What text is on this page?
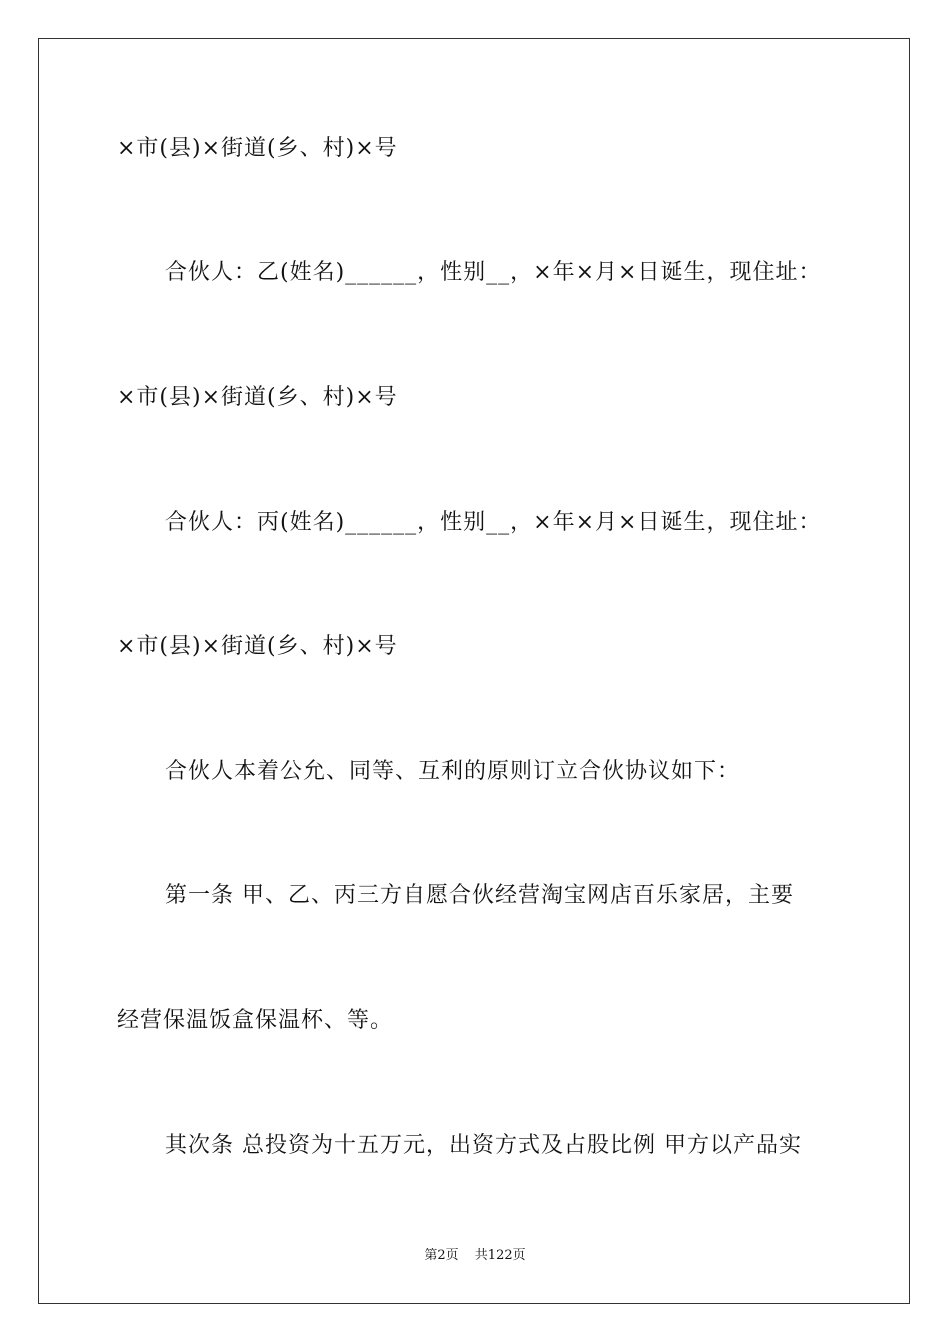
×市(县)×街道(乡、村)×号
合伙人：乙(姓名)______，性别__，×年×月×日诞生，现住址：
×市(县)×街道(乡、村)×号
合伙人：丙(姓名)______，性别__，×年×月×日诞生，现住址：
×市(县)×街道(乡、村)×号
合伙人本着公允、同等、互利的原则订立合伙协议如下：
第一条 甲、乙、丙三方自愿合伙经营淘宝网店百乐家居，主要
经营保温饭盒保温杯、等。
其次条 总投资为十五万元，出资方式及占股比例 甲方以产品实
第2页 共122页
